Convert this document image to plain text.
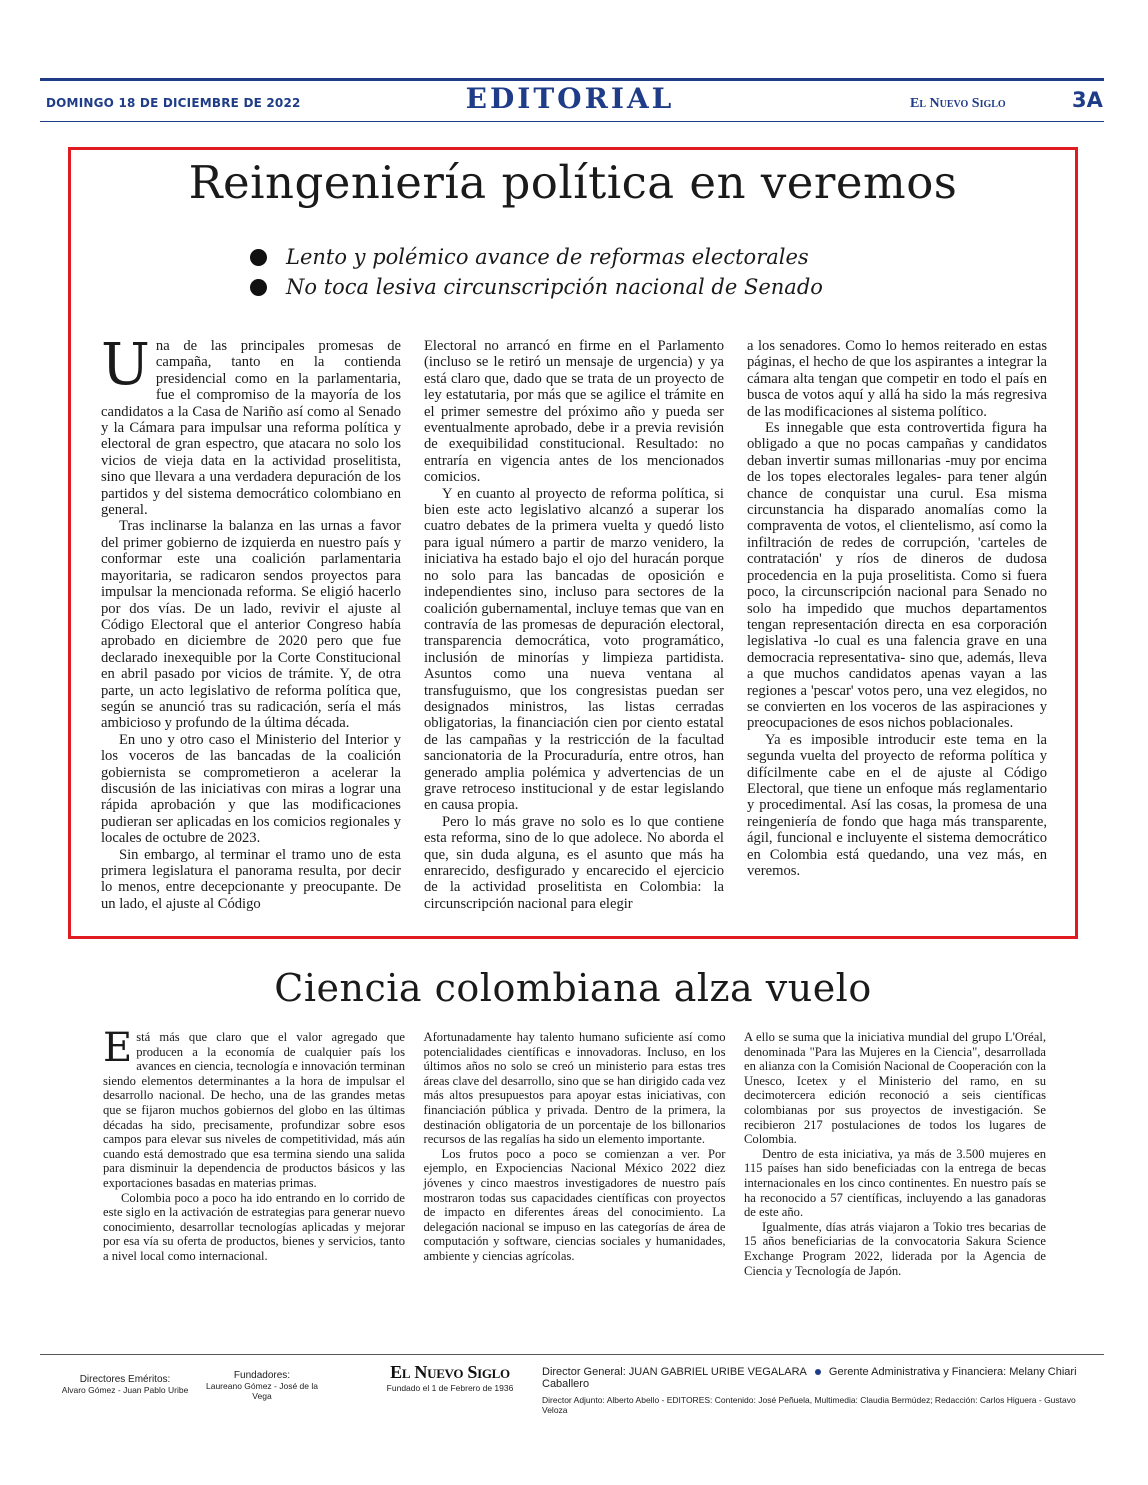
DOMINGO 18 DE DICIEMBRE DE 2022	EDITORIAL	El Nuevo Siglo	3A
Reingeniería política en veremos
Lento y polémico avance de reformas electorales
No toca lesiva circunscripción nacional de Senado

Una de las principales promesas de campaña, tanto en la contienda presidencial como en la parlamentaria, fue el compromiso de la mayoría de los candidatos a la Casa de Nariño así como al Senado y la Cámara para impulsar una reforma política y electoral de gran espectro, que atacara no solo los vicios de vieja data en la actividad proselitista, sino que llevara a una verdadera depuración de los partidos y del sistema democrático colombiano en general.

Tras inclinarse la balanza en las urnas a favor del primer gobierno de izquierda en nuestro país y conformar este una coalición parlamentaria mayoritaria, se radicaron sendos proyectos para impulsar la mencionada reforma. Se eligió hacerlo por dos vías. De un lado, revivir el ajuste al Código Electoral que el anterior Congreso había aprobado en diciembre de 2020 pero que fue declarado inexequible por la Corte Constitucional en abril pasado por vicios de trámite. Y, de otra parte, un acto legislativo de reforma política que, según se anunció tras su radicación, sería el más ambicioso y profundo de la última década.

En uno y otro caso el Ministerio del Interior y los voceros de las bancadas de la coalición gobiernista se comprometieron a acelerar la discusión de las iniciativas con miras a lograr una rápida aprobación y que las modificaciones pudieran ser aplicadas en los comicios regionales y locales de octubre de 2023.

Sin embargo, al terminar el tramo uno de esta primera legislatura el panorama resulta, por decir lo menos, entre decepcionante y preocupante. De un lado, el ajuste al Código

Electoral no arrancó en firme en el Parlamento (incluso se le retiró un mensaje de urgencia) y ya está claro que, dado que se trata de un proyecto de ley estatutaria, por más que se agilice el trámite en el primer semestre del próximo año y pueda ser eventualmente aprobado, debe ir a previa revisión de exequibilidad constitucional. Resultado: no entraría en vigencia antes de los mencionados comicios.

Y en cuanto al proyecto de reforma política, si bien este acto legislativo alcanzó a superar los cuatro debates de la primera vuelta y quedó listo para igual número a partir de marzo venidero, la iniciativa ha estado bajo el ojo del huracán porque no solo para las bancadas de oposición e independientes sino, incluso para sectores de la coalición gubernamental, incluye temas que van en contravía de las promesas de depuración electoral, transparencia democrática, voto programático, inclusión de minorías y limpieza partidista. Asuntos como una nueva ventana al transfuguismo, que los congresistas puedan ser designados ministros, las listas cerradas obligatorias, la financiación cien por ciento estatal de las campañas y la restricción de la facultad sancionatoria de la Procuraduría, entre otros, han generado amplia polémica y advertencias de un grave retroceso institucional y de estar legislando en causa propia.

Pero lo más grave no solo es lo que contiene esta reforma, sino de lo que adolece. No aborda el que, sin duda alguna, es el asunto que más ha enrarecido, desfigurado y encarecido el ejercicio de la actividad proselitista en Colombia: la circunscripción nacional para elegir

a los senadores. Como lo hemos reiterado en estas páginas, el hecho de que los aspirantes a integrar la cámara alta tengan que competir en todo el país en busca de votos aquí y allá ha sido la más regresiva de las modificaciones al sistema político.

Es innegable que esta controvertida figura ha obligado a que no pocas campañas y candidatos deban invertir sumas millonarias -muy por encima de los topes electorales legales- para tener algún chance de conquistar una curul. Esa misma circunstancia ha disparado anomalías como la compraventa de votos, el clientelismo, así como la infiltración de redes de corrupción, 'carteles de contratación' y ríos de dineros de dudosa procedencia en la puja proselitista. Como si fuera poco, la circunscripción nacional para Senado no solo ha impedido que muchos departamentos tengan representación directa en esa corporación legislativa -lo cual es una falencia grave en una democracia representativa- sino que, además, lleva a que muchos candidatos apenas vayan a las regiones a 'pescar' votos pero, una vez elegidos, no se convierten en los voceros de las aspiraciones y preocupaciones de esos nichos poblacionales.

Ya es imposible introducir este tema en la segunda vuelta del proyecto de reforma política y difícilmente cabe en el de ajuste al Código Electoral, que tiene un enfoque más reglamentario y procedimental. Así las cosas, la promesa de una reingeniería de fondo que haga más transparente, ágil, funcional e incluyente el sistema democrático en Colombia está quedando, una vez más, en veremos.

Ciencia colombiana alza vuelo

Está más que claro que el valor agregado que producen a la economía de cualquier país los avances en ciencia, tecnología e innovación terminan siendo elementos determinantes a la hora de impulsar el desarrollo nacional. De hecho, una de las grandes metas que se fijaron muchos gobiernos del globo en las últimas décadas ha sido, precisamente, profundizar sobre esos campos para elevar sus niveles de competitividad, más aún cuando está demostrado que esa termina siendo una salida para disminuir la dependencia de productos básicos y las exportaciones basadas en materias primas.

Colombia poco a poco ha ido entrando en lo corrido de este siglo en la activación de estrategias para generar nuevo conocimiento, desarrollar tecnologías aplicadas y mejorar por esa vía su oferta de productos, bienes y servicios, tanto a nivel local como internacional.

Afortunadamente hay talento humano suficiente así como potencialidades científicas e innovadoras. Incluso, en los últimos años no solo se creó un ministerio para estas tres áreas clave del desarrollo, sino que se han dirigido cada vez más altos presupuestos para apoyar estas iniciativas, con financiación pública y privada. Dentro de la primera, la destinación obligatoria de un porcentaje de los billonarios recursos de las regalías ha sido un elemento importante.

Los frutos poco a poco se comienzan a ver. Por ejemplo, en Expociencias Nacional México 2022 diez jóvenes y cinco maestros investigadores de nuestro país mostraron todas sus capacidades científicas con proyectos de impacto en diferentes áreas del conocimiento. La delegación nacional se impuso en las categorías de área de computación y software, ciencias sociales y humanidades, ambiente y ciencias agrícolas.

A ello se suma que la iniciativa mundial del grupo L'Oréal, denominada "Para las Mujeres en la Ciencia", desarrollada en alianza con la Comisión Nacional de Cooperación con la Unesco, Icetex y el Ministerio del ramo, en su decimotercera edición reconoció a seis científicas colombianas por sus proyectos de investigación. Se recibieron 217 postulaciones de todos los lugares de Colombia.

Dentro de esta iniciativa, ya más de 3.500 mujeres en 115 países han sido beneficiadas con la entrega de becas internacionales en los cinco continentes. En nuestro país se ha reconocido a 57 científicas, incluyendo a las ganadoras de este año.

Igualmente, días atrás viajaron a Tokio tres becarias de 15 años beneficiarias de la convocatoria Sakura Science Exchange Program 2022, liderada por la Agencia de Ciencia y Tecnología de Japón.

Directores Eméritos:
Alvaro Gómez - Juan Pablo Uribe
Fundadores:
Laureano Gómez - José de la Vega
El Nuevo Siglo
Fundado el 1 de Febrero de 1936
Director General: JUAN GABRIEL URIBE VEGALARA Gerente Administrativa y Financiera: Melany Chiari Caballero
Director Adjunto: Alberto Abello - EDITORES: Contenido: José Peñuela, Multimedia: Claudia Bermúdez; Redacción: Carlos Higuera - Gustavo Veloza
